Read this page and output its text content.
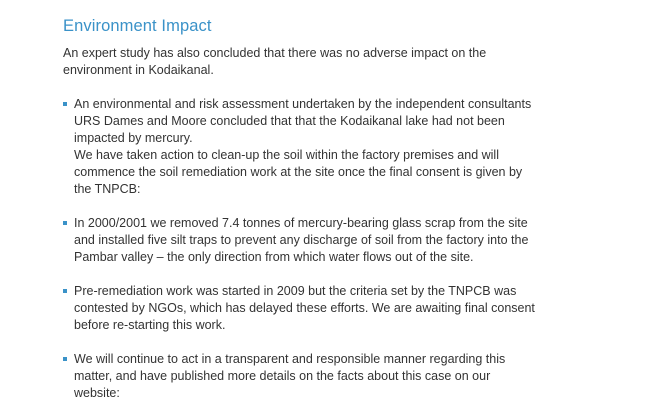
Environment Impact

An expert study has also concluded that there was no adverse impact on the
environment in Kodaikanal.

An environmental and risk assessment undertaken by the independent consultants
URS Dames and Moore concluded that that the Kodaikanal lake had not been
impacted by mercury.
We have taken action to clean-up the soil within the factory premises and will
commence the soil remediation work at the site once the final consent is given by
the TNPCB:
In 2000/2001 we removed 7.4 tonnes of mercury-bearing glass scrap from the site
and installed five silt traps to prevent any discharge of soil from the factory into the
Pambar valley – the only direction from which water flows out of the site.
Pre-remediation work was started in 2009 but the criteria set by the TNPCB was
contested by NGOs, which has delayed these efforts. We are awaiting final consent
before re-starting this work.
We will continue to act in a transparent and responsible manner regarding this
matter, and have published more details on the facts about this case on our
website:
